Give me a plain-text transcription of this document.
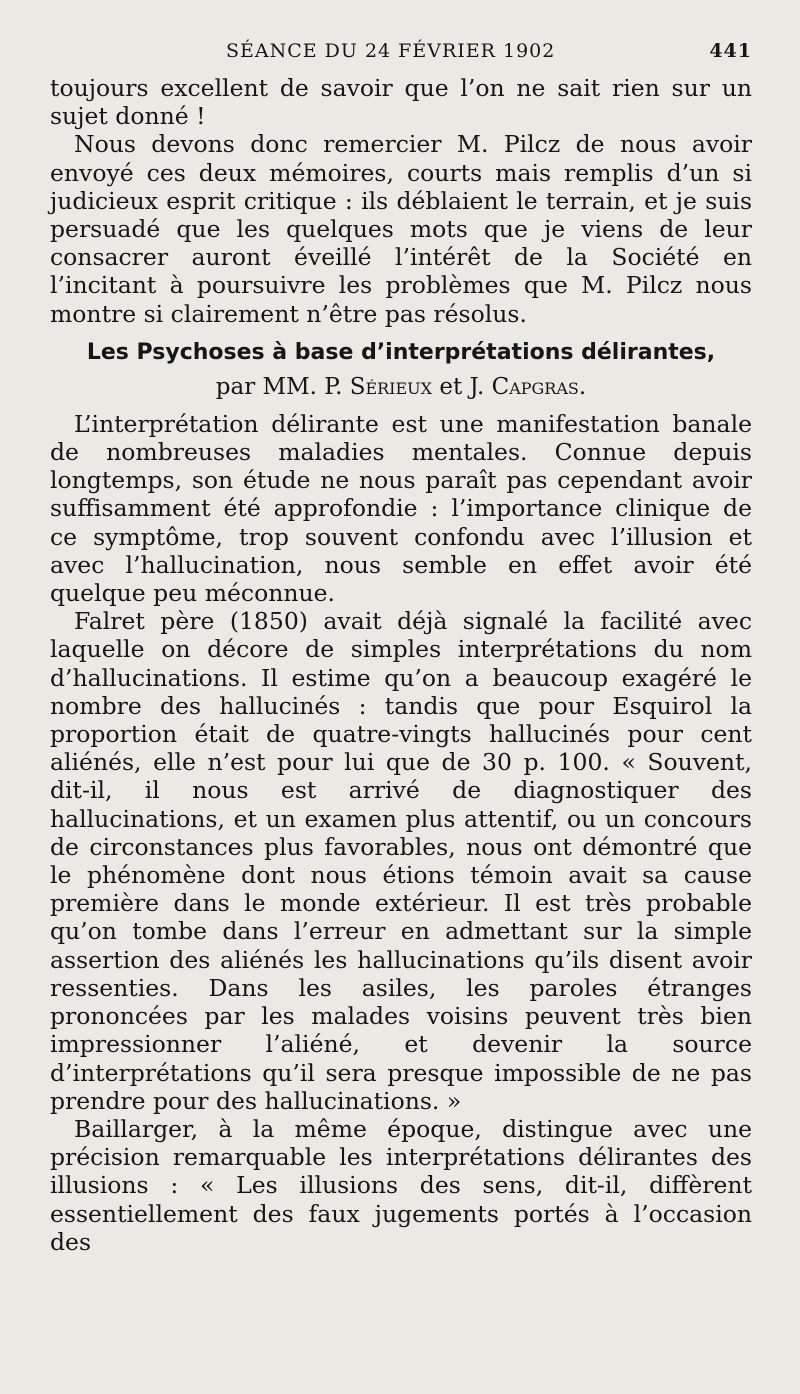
SÉANCE DU 24 FÉVRIER 1902	441

toujours excellent de savoir que l’on ne sait rien sur un sujet donné !

Nous devons donc remercier M. Pilcz de nous avoir envoyé ces deux mémoires, courts mais remplis d’un si judicieux esprit critique : ils déblaient le terrain, et je suis persuadé que les quelques mots que je viens de leur consacrer auront éveillé l’intérêt de la Société en l’incitant à poursuivre les problèmes que M. Pilcz nous montre si clairement n’être pas résolus.

Les Psychoses à base d’interprétations délirantes,
par MM. P. Sérieux et J. Capgras.

L’interprétation délirante est une manifestation banale de nombreuses maladies mentales. Connue depuis longtemps, son étude ne nous paraît pas cependant avoir suffisamment été approfondie : l’importance clinique de ce symptôme, trop souvent confondu avec l’illusion et avec l’hallucination, nous semble en effet avoir été quelque peu méconnue.

Falret père (1850) avait déjà signalé la facilité avec laquelle on décore de simples interprétations du nom d’hallucinations. Il estime qu’on a beaucoup exagéré le nombre des hallucinés : tandis que pour Esquirol la proportion était de quatre-vingts hallucinés pour cent aliénés, elle n’est pour lui que de 30 p. 100. « Souvent, dit-il, il nous est arrivé de diagnostiquer des hallucinations, et un examen plus attentif, ou un concours de circonstances plus favorables, nous ont démontré que le phénomène dont nous étions témoin avait sa cause première dans le monde extérieur. Il est très probable qu’on tombe dans l’erreur en admettant sur la simple assertion des aliénés les hallucinations qu’ils disent avoir ressenties. Dans les asiles, les paroles étranges prononcées par les malades voisins peuvent très bien impressionner l’aliéné, et devenir la source d’interprétations qu’il sera presque impossible de ne pas prendre pour des hallucinations. »

Baillarger, à la même époque, distingue avec une précision remarquable les interprétations délirantes des illusions : « Les illusions des sens, dit-il, diffèrent essentiellement des faux jugements portés à l’occasion des
